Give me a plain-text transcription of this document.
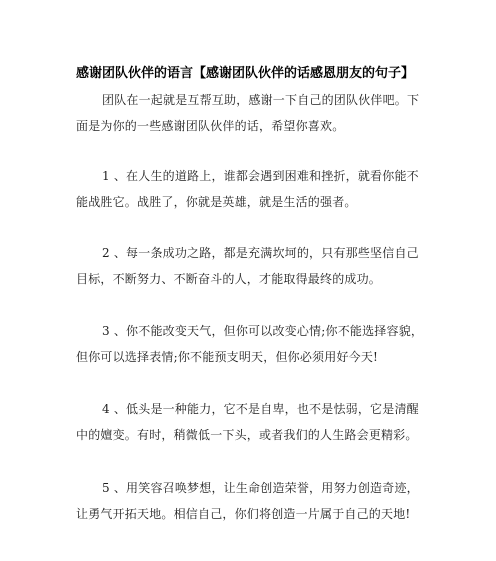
感谢团队伙伴的语言【感谢团队伙伴的话感恩朋友的句子】
团队在一起就是互帮互助，感谢一下自己的团队伙伴吧。下面是为你的一些感谢团队伙伴的话，希望你喜欢。
1 、在人生的道路上，谁都会遇到困难和挫折，就看你能不能战胜它。战胜了，你就是英雄，就是生活的强者。
2 、每一条成功之路，都是充满坎坷的，只有那些坚信自己目标，不断努力、不断奋斗的人，才能取得最终的成功。
3 、你不能改变天气，但你可以改变心情;你不能选择容貌，但你可以选择表情;你不能预支明天，但你必须用好今天!
4 、低头是一种能力，它不是自卑，也不是怯弱，它是清醒中的嬗变。有时，稍微低一下头，或者我们的人生路会更精彩。
5 、用笑容召唤梦想，让生命创造荣誉，用努力创造奇迹，让勇气开拓天地。相信自己，你们将创造一片属于自己的天地!
